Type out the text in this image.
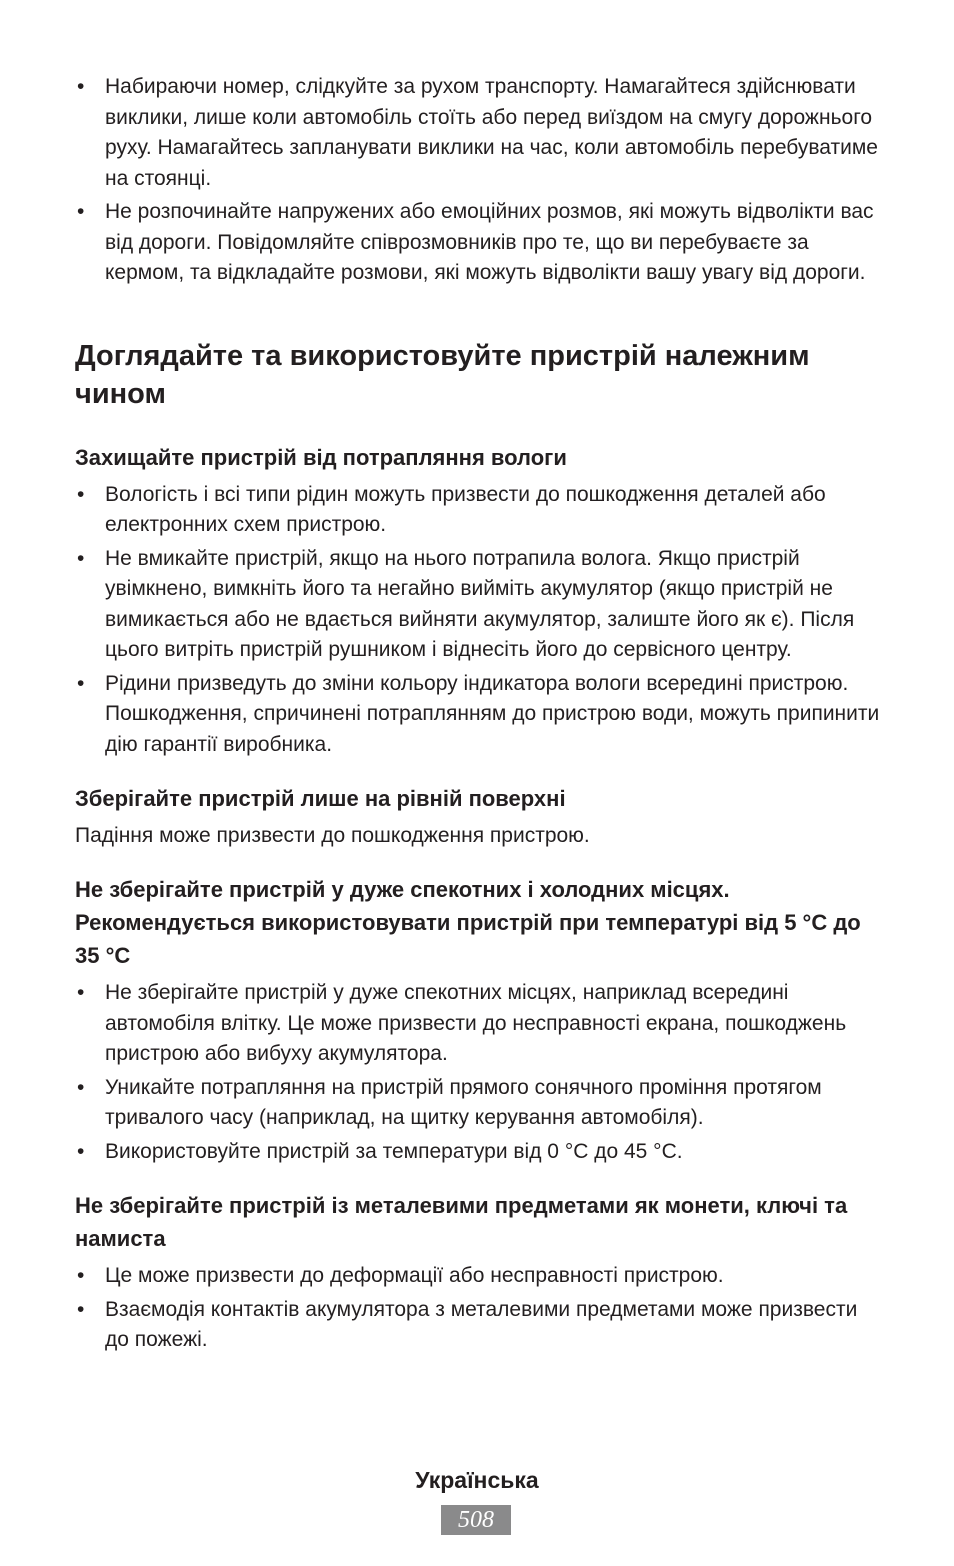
• Набираючи номер, слідкуйте за рухом транспорту. Намагайтеся здійснювати виклики, лише коли автомобіль стоїть або перед виїздом на смугу дорожнього руху. Намагайтесь запланувати виклики на час, коли автомобіль перебуватиме на стоянці.
• Не розпочинайте напружених або емоційних розмов, які можуть відволікти вас від дороги. Повідомляйте співрозмовників про те, що ви перебуваєте за кермом, та відкладайте розмови, які можуть відволікти вашу увагу від дороги.
Доглядайте та використовуйте пристрій належним чином
Захищайте пристрій від потрапляння вологи
• Вологість і всі типи рідин можуть призвести до пошкодження деталей або електронних схем пристрою.
• Не вмикайте пристрій, якщо на нього потрапила волога. Якщо пристрій увімкнено, вимкніть його та негайно вийміть акумулятор (якщо пристрій не вимикається або не вдається вийняти акумулятор, залиште його як є). Після цього витріть пристрій рушником і віднесіть його до сервісного центру.
• Рідини призведуть до зміни кольору індикатора вологи всередині пристрою. Пошкодження, спричинені потраплянням до пристрою води, можуть припинити дію гарантії виробника.
Зберігайте пристрій лише на рівній поверхні

Падіння може призвести до пошкодження пристрою.

Не зберігайте пристрій у дуже спекотних і холодних місцях. Рекомендується використовувати пристрій при температурі від 5 °C до 35 °C
• Не зберігайте пристрій у дуже спекотних місцях, наприклад всередині автомобіля влітку. Це може призвести до несправності екрана, пошкоджень пристрою або вибуху акумулятора.
• Уникайте потрапляння на пристрій прямого сонячного проміння протягом тривалого часу (наприклад, на щитку керування автомобіля).
• Використовуйте пристрій за температури від 0 °C до 45 °C.
Не зберігайте пристрій із металевими предметами як монети, ключі та намиста
• Це може призвести до деформації або несправності пристрою.
• Взаємодія контактів акумулятора з металевими предметами може призвести до пожежі.
Українська
508
